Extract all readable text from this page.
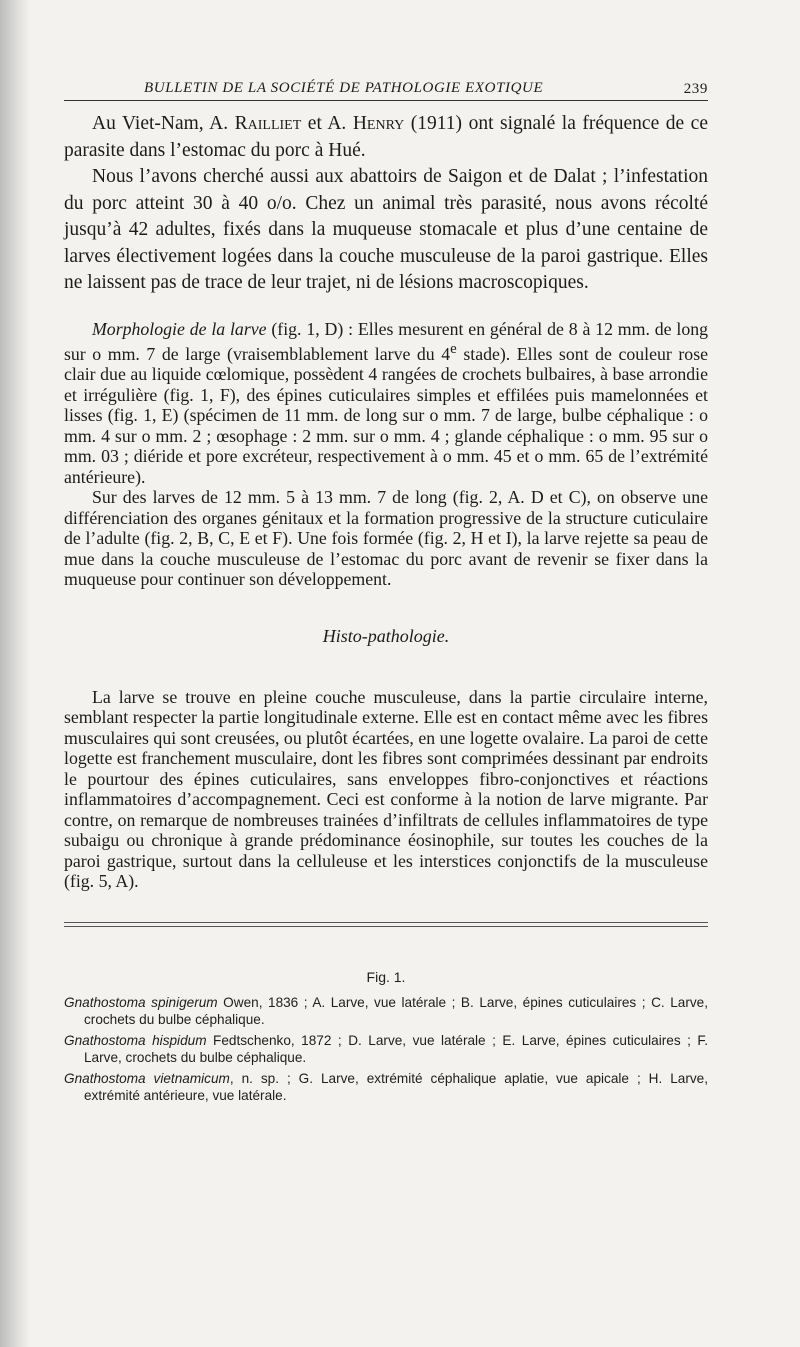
BULLETIN DE LA SOCIÉTÉ DE PATHOLOGIE EXOTIQUE	239

Au Viet-Nam, A. Railliet et A. Henry (1911) ont signalé la fréquence de ce parasite dans l’estomac du porc à Hué.

Nous l’avons cherché aussi aux abattoirs de Saigon et de Dalat ; l’infestation du porc atteint 30 à 40 o/o. Chez un animal très parasité, nous avons récolté jusqu’à 42 adultes, fixés dans la muqueuse stomacale et plus d’une centaine de larves électivement logées dans la couche musculeuse de la paroi gastrique. Elles ne laissent pas de trace de leur trajet, ni de lésions macroscopiques.

Morphologie de la larve (fig. 1, D) : Elles mesurent en général de 8 à 12 mm. de long sur o mm. 7 de large (vraisemblablement larve du 4e stade). Elles sont de couleur rose clair due au liquide cœlomique, possèdent 4 rangées de crochets bulbaires, à base arrondie et irrégulière (fig. 1, F), des épines cuticulaires simples et effilées puis mamelonnées et lisses (fig. 1, E) (spécimen de 11 mm. de long sur o mm. 7 de large, bulbe céphalique : o mm. 4 sur o mm. 2 ; œsophage : 2 mm. sur o mm. 4 ; glande céphalique : o mm. 95 sur o mm. 03 ; diéride et pore excréteur, respectivement à o mm. 45 et o mm. 65 de l’extrémité antérieure).

Sur des larves de 12 mm. 5 à 13 mm. 7 de long (fig. 2, A. D et C), on observe une différenciation des organes génitaux et la formation progressive de la structure cuticulaire de l’adulte (fig. 2, B, C, E et F). Une fois formée (fig. 2, H et I), la larve rejette sa peau de mue dans la couche musculeuse de l’estomac du porc avant de revenir se fixer dans la muqueuse pour continuer son développement.

Histo-pathologie.

La larve se trouve en pleine couche musculeuse, dans la partie circulaire interne, semblant respecter la partie longitudinale externe. Elle est en contact même avec les fibres musculaires qui sont creusées, ou plutôt écartées, en une logette ovalaire. La paroi de cette logette est franchement musculaire, dont les fibres sont comprimées dessinant par endroits le pourtour des épines cuticulaires, sans enveloppes fibro-conjonctives et réactions inflammatoires d’accompagnement. Ceci est conforme à la notion de larve migrante. Par contre, on remarque de nombreuses trainées d’infiltrats de cellules inflammatoires de type subaigu ou chronique à grande prédominance éosinophile, sur toutes les couches de la paroi gastrique, surtout dans la celluleuse et les interstices conjonctifs de la musculeuse (fig. 5, A).

Fig. 1.

Gnathostoma spinigerum Owen, 1836 ; A. Larve, vue latérale ; B. Larve, épines cuticulaires ; C. Larve, crochets du bulbe céphalique.

Gnathostoma hispidum Fedtschenko, 1872 ; D. Larve, vue latérale ; E. Larve, épines cuticulaires ; F. Larve, crochets du bulbe céphalique.

Gnathostoma vietnamicum, n. sp. ; G. Larve, extrémité céphalique aplatie, vue apicale ; H. Larve, extrémité antérieure, vue latérale.
